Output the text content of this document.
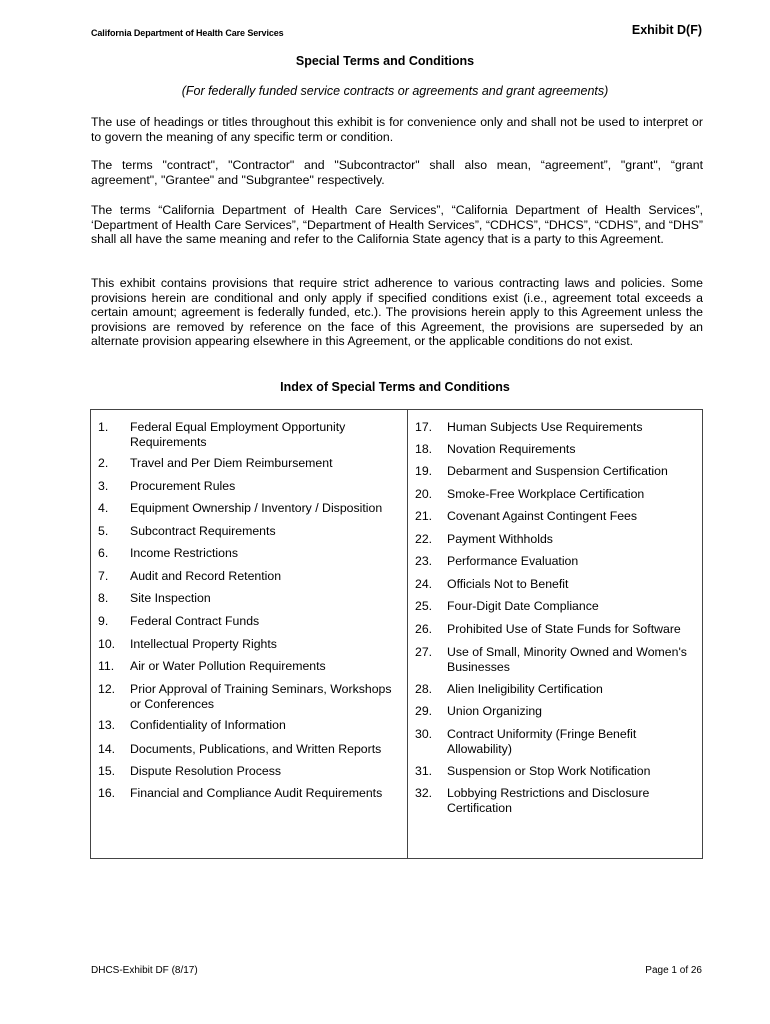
California Department of Health Care Services	Exhibit D(F)
Special Terms and Conditions
(For federally funded service contracts or agreements and grant agreements)

The use of headings or titles throughout this exhibit is for convenience only and shall not be used to interpret or to govern the meaning of any specific term or condition.

The terms "contract", "Contractor" and "Subcontractor" shall also mean, “agreement”, "grant", “grant agreement", "Grantee" and "Subgrantee" respectively.

The terms “California Department of Health Care Services”, “California Department of Health Services”, ‘Department of Health Care Services”, “Department of Health Services”, “CDHCS”, “DHCS”, “CDHS”, and “DHS” shall all have the same meaning and refer to the California State agency that is a party to this Agreement.

This exhibit contains provisions that require strict adherence to various contracting laws and policies. Some provisions herein are conditional and only apply if specified conditions exist (i.e., agreement total exceeds a certain amount; agreement is federally funded, etc.). The provisions herein apply to this Agreement unless the provisions are removed by reference on the face of this Agreement, the provisions are superseded by an alternate provision appearing elsewhere in this Agreement, or the applicable conditions do not exist.

Index of Special Terms and Conditions
1.	Federal Equal Employment Opportunity Requirements
2.	Travel and Per Diem Reimbursement
3.	Procurement Rules
4.	Equipment Ownership / Inventory / Disposition
5.	Subcontract Requirements
6.	Income Restrictions
7.	Audit and Record Retention
8.	Site Inspection
9.	Federal Contract Funds
10.	Intellectual Property Rights
11.	Air or Water Pollution Requirements
12.	Prior Approval of Training Seminars, Workshops or Conferences
13.	Confidentiality of Information
14.	Documents, Publications, and Written Reports
15.	Dispute Resolution Process
16.	Financial and Compliance Audit Requirements
17.	Human Subjects Use Requirements
18.	Novation Requirements
19.	Debarment and Suspension Certification
20.	Smoke-Free Workplace Certification
21.	Covenant Against Contingent Fees
22.	Payment Withholds
23.	Performance Evaluation
24.	Officials Not to Benefit
25.	Four-Digit Date Compliance
26.	Prohibited Use of State Funds for Software
27.	Use of Small, Minority Owned and Women's Businesses
28.	Alien Ineligibility Certification
29.	Union Organizing
30.	Contract Uniformity (Fringe Benefit Allowability)
31.	Suspension or Stop Work Notification
32.	Lobbying Restrictions and Disclosure Certification
DHCS-Exhibit DF (8/17)	Page 1 of 26
